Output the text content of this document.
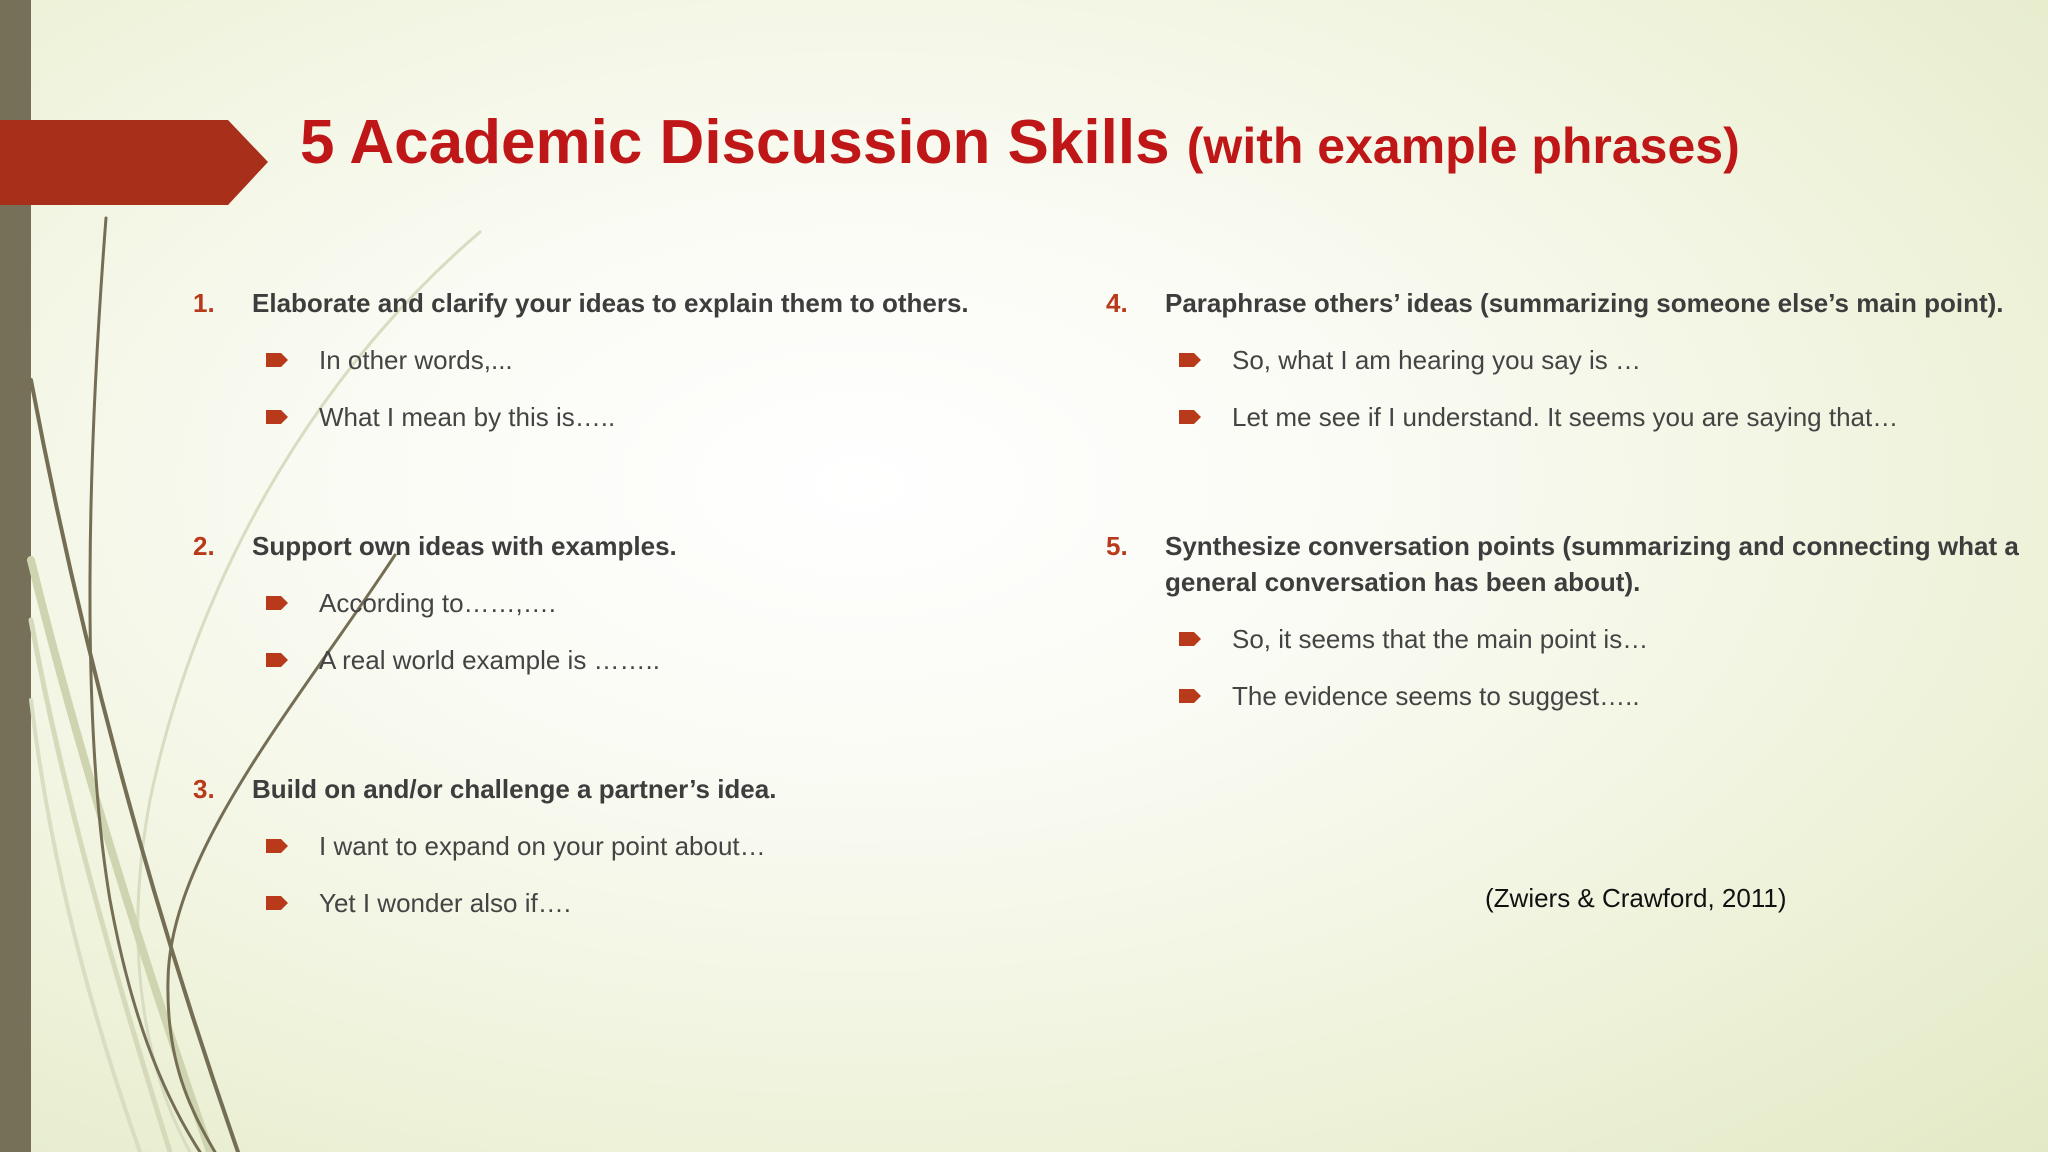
5 Academic Discussion Skills (with example phrases)
1. Elaborate and clarify your ideas to explain them to others.
In other words,...
What I mean by this is…..
2. Support own ideas with examples.
According to……,….
A real world example is ……..
3. Build on and/or challenge a partner’s idea.
I want to expand on your point about…
Yet I wonder also if….
4. Paraphrase others’ ideas (summarizing someone else’s main point).
So, what I am hearing you say is …
Let me see if I understand. It seems you are saying that…
5. Synthesize conversation points (summarizing and connecting what a general conversation has been about).
So, it seems that the main point is…
The evidence seems to suggest…..
(Zwiers & Crawford, 2011)
